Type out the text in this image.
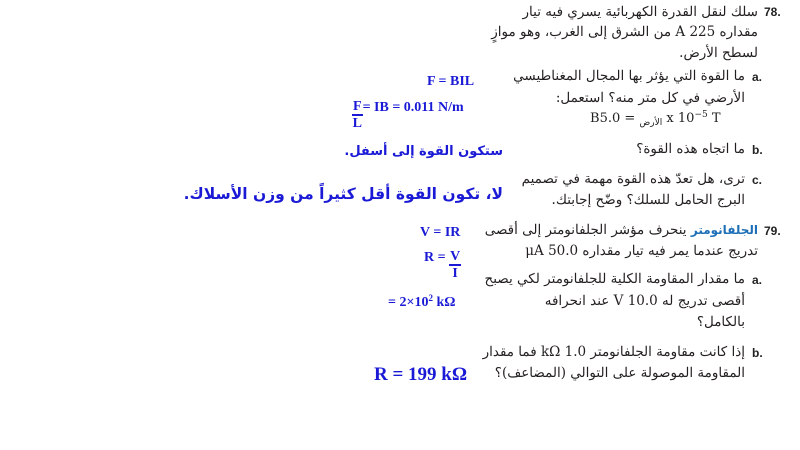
78.
سلك لنقل القدرة الكهربائية يسري فيه تيار
مقداره 225 A من الشرق إلى الغرب، وهو موازٍ
لسطح الأرض.
a.
ما القوة التي يؤثر بها المجال المغناطيسي
الأرضي في كل متر منه؟ استعمل:
B	$_{الأرض}$ = 5.0 x $10^{-5}$ T
b.
ما اتجاه هذه القوة؟
c.
ترى، هل تعدّ هذه القوة مهمة في تصميم
البرج الحامل للسلك؟ وضّح إجابتك.
79.
الجلفانومتر ينحرف مؤشر الجلفانومتر إلى أقصى
تدريج عندما يمر فيه تيار مقداره 50.0 μA
a.
ما مقدار المقاومة الكلية للجلفانومتر لكي يصبح
أقصى تدريج له 10.0 V عند انحرافه
بالكامل؟
b.
إذا كانت مقاومة الجلفانومتر 1.0 kΩ فما مقدار
المقاومة الموصولة على التوالي (المضاعف)؟
F = BIL
$\frac{F}{L}$ = IB = 0.011 N/m
ستكون القوة إلى أسفل.
لا، تكون القوة أقل كثيراً من وزن الأسلاك.
V = IR
$R = \frac{V}{I}$
= $2\times 10^2$ kΩ
R = 199 kΩ
